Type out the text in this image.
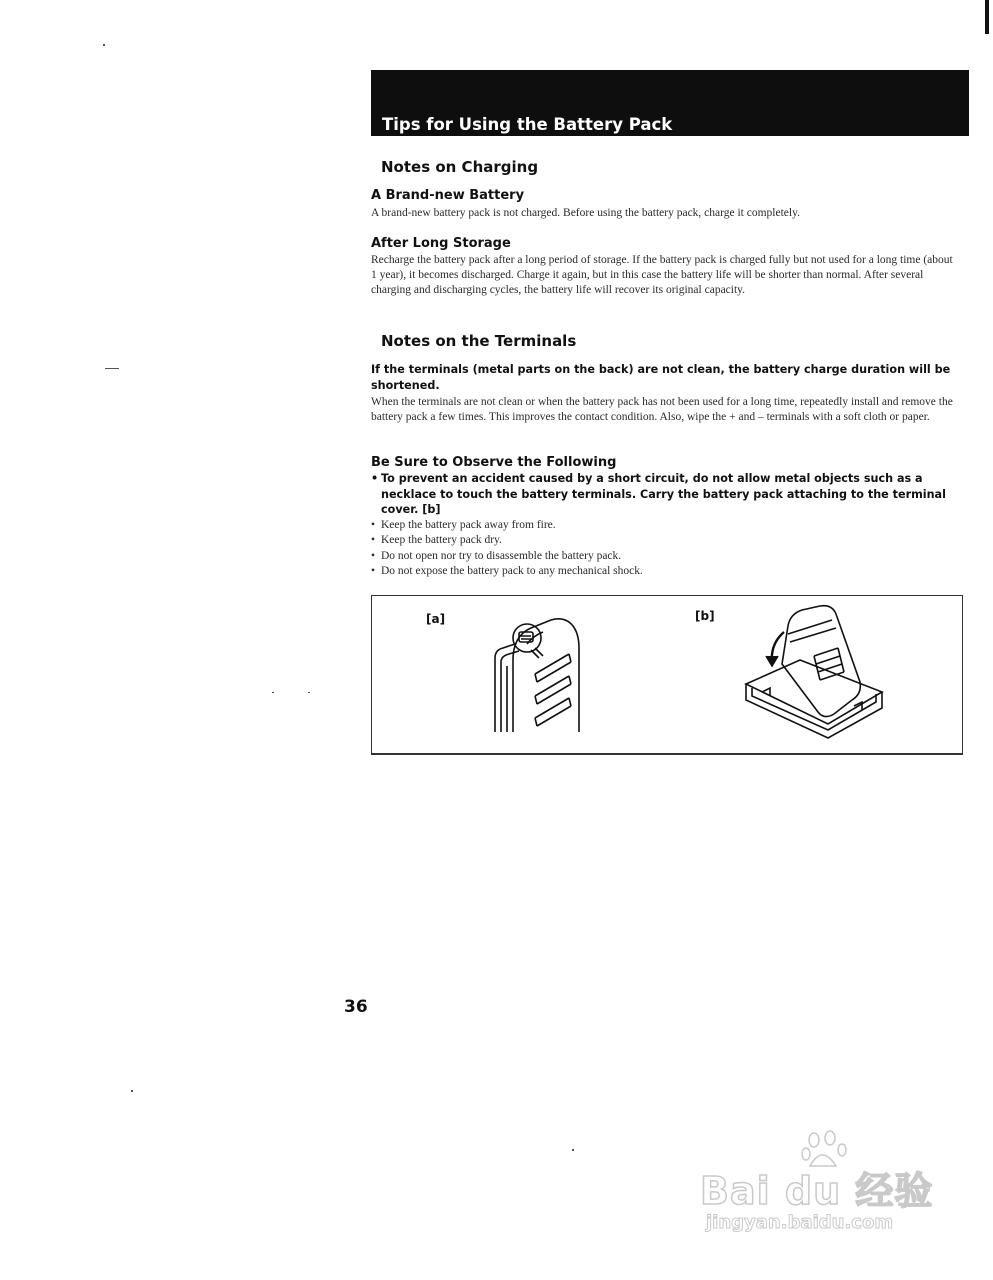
Tips for Using the Battery Pack
Notes on Charging
A Brand-new Battery

A brand-new battery pack is not charged. Before using the battery pack, charge it completely.

After Long Storage

Recharge the battery pack after a long period of storage. If the battery pack is charged fully but not used for a long time (about 1 year), it becomes discharged. Charge it again, but in this case the battery life will be shorter than normal. After several charging and discharging cycles, the battery life will recover its original capacity.

Notes on the Terminals

If the terminals (metal parts on the back) are not clean, the battery charge duration will be shortened.

When the terminals are not clean or when the battery pack has not been used for a long time, repeatedly install and remove the battery pack a few times. This improves the contact condition. Also, wipe the + and – terminals with a soft cloth or paper.

Be Sure to Observe the Following
• To prevent an accident caused by a short circuit, do not allow metal objects such as a necklace to touch the battery terminals. Carry the battery pack attaching to the terminal cover. [b]
• Keep the battery pack away from fire.
• Keep the battery pack dry.
• Do not open nor try to disassemble the battery pack.
• Do not expose the battery pack to any mechanical shock.
[a]	[b]
36
Bai du 经验
jingyan.baidu.com
